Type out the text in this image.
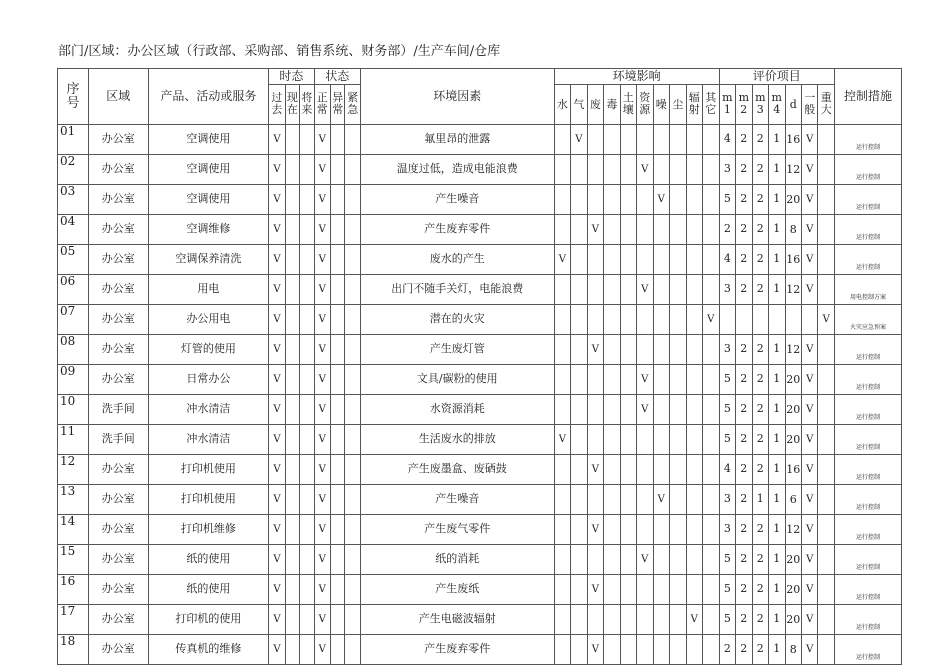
部门/区域：办公区域（行政部、采购部、销售系统、财务部）/生产车间/仓库
序号	区域	产品、活动或服务	时态			状态			环境因素	环境影响										评价项目							控制措施
			过去	现在	将来	正常	异常	紧急		水	气	废	毒	土壤	资源	噪	尘	辐射	其它	m1	m2	m3	m4	d	一般	重大	
01	办公室	空调使用	V			V			氟里昂的泄露		V									4	2	2	1	16	V		运行控制
02	办公室	空调使用	V			V			温度过低，造成电能浪费						V					3	2	2	1	12	V		运行控制
03	办公室	空调使用	V			V			产生噪音							V				5	2	2	1	20	V		运行控制
04	办公室	空调维修	V			V			产生废弃零件			V								2	2	2	1	8	V		运行控制
05	办公室	空调保养清洗	V			V			废水的产生	V										4	2	2	1	16	V		运行控制
06	办公室	用电	V			V			出门不随手关灯，电能浪费						V					3	2	2	1	12	V		用电控制方案
07	办公室	办公用电	V			V			潜在的火灾										V							V	火灾应急预案
08	办公室	灯管的使用	V			V			产生废灯管			V								3	2	2	1	12	V		运行控制
09	办公室	日常办公	V			V			文具/碳粉的使用						V					5	2	2	1	20	V		运行控制
10	洗手间	冲水清洁	V			V			水资源消耗						V					5	2	2	1	20	V		运行控制
11	洗手间	冲水清洁	V			V			生活废水的排放	V										5	2	2	1	20	V		运行控制
12	办公室	打印机使用	V			V			产生废墨盒、废硒鼓			V								4	2	2	1	16	V		运行控制
13	办公室	打印机使用	V			V			产生噪音							V				3	2	1	1	6	V		运行控制
14	办公室	打印机维修	V			V			产生废气零件			V								3	2	2	1	12	V		运行控制
15	办公室	纸的使用	V			V			纸的消耗						V					5	2	2	1	20	V		运行控制
16	办公室	纸的使用	V			V			产生废纸			V								5	2	2	1	20	V		运行控制
17	办公室	打印机的使用	V			V			产生电磁波辐射									V		5	2	2	1	20	V		运行控制
18	办公室	传真机的维修	V			V			产生废弃零件			V								2	2	2	1	8	V		运行控制
